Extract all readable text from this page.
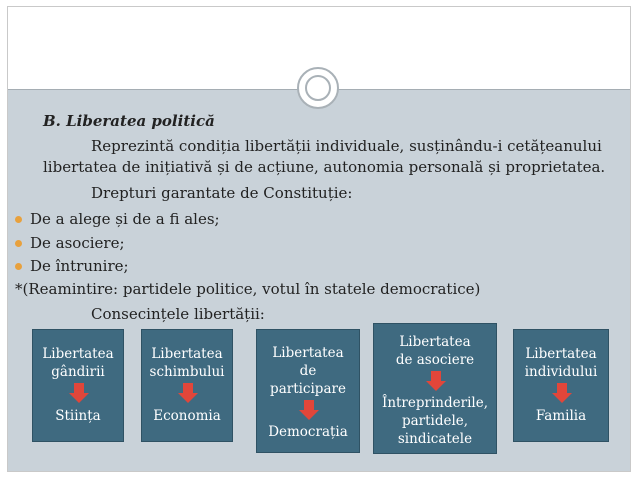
B. Liberatea politică
Reprezintă condiția libertății individuale, susținându-i cetățeanului
libertatea de inițiativă și de acțiune, autonomia personală și proprietatea.
Drepturi garantate de Constituție:
De a alege și de a fi ales;
De asociere;
De întrunire;
*(Reamintire: partidele politice, votul în statele democratice)
Consecințele libertății:
Libertatea
gândirii
Stiința
Libertatea
schimbului
Economia
Libertatea
de
participare
Democrația
Libertatea
de asociere
Întreprinderile,
partidele,
sindicatele
Libertatea
individului
Familia
